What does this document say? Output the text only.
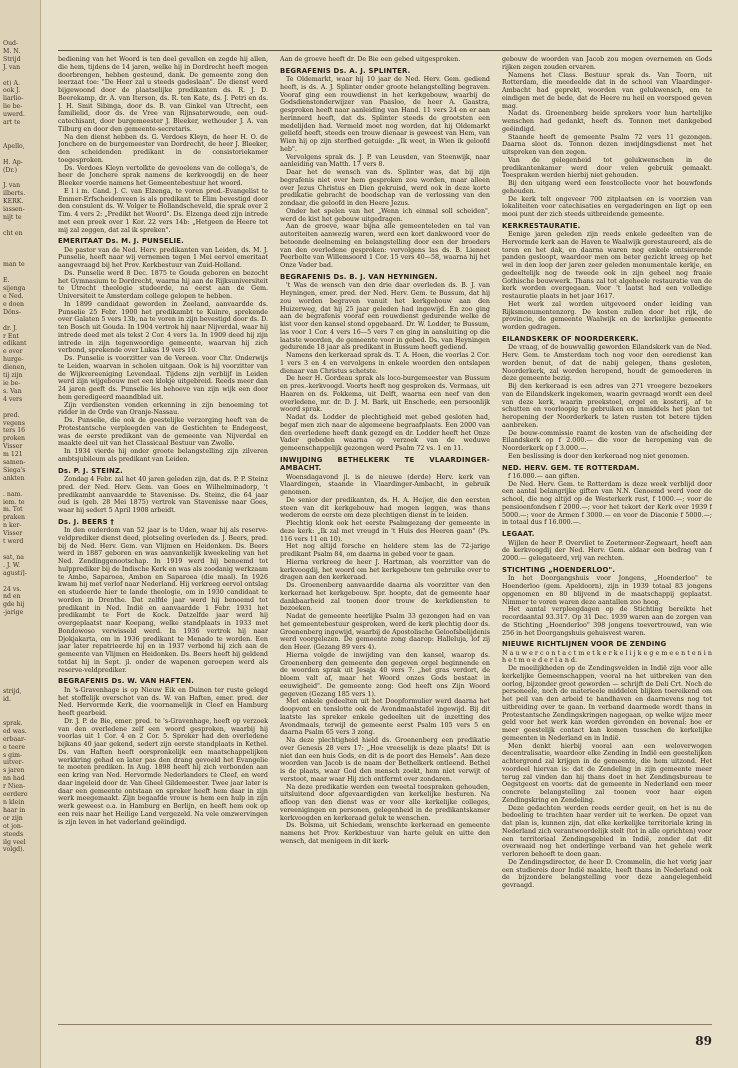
Oud-
M. N.
Strijd
J. van

et) A.
ook J.
liarlio-
lie be-
uwerd.
art te

Apello,

H. Ap-
(Dr.)

J. van
ilberts.
KERK.
iassen-
nijt te

cht en

man te

E.
sijenga
e Ned.
e doen
Döns-

dr. J.
r Ent
edikant
e over
hurge-
dienen,
tij zijn
ie be-
s. Van
4 vers

pred.
vegens
ters 16
proken
Visser
m 121
samen-
Siega's
ankten

. nam.
iem. te
m. Tot
praken
n ker-
Visser
t werd

sat, na
. J. W.
agusti]-

24 vs.
nd en
gde hij
-jarige

strijd,
id.

sprak.
ed was.
erbaar-
e teere
s gim-
uitver-
s jaren
nn had
r Nien-
eerdere
n klein
haar in
or zijn
ot jon-
steeds
ilg veel
volgd).

bediening van het Woord is ten deel gevallen en zegde hij allen, die hem, tijdens de 14 jaren, welke hij in Dordrecht heeft mogen doorbrengen, hebben gesteund, dank. De gemeente zong den leerzaat toe: "De Heer zal u steeds gadeslaan". De dienst werd bijgewoond door de plaatselijke predikanten ds. R. J. D. Beerekamp, dr. A. van Iterson, ds. R. ten Kate, ds. J. Petri en ds. J. H. Smit Sibinga, door ds. B. van Ginkel van Utrecht, een familielid, door ds. de Vree van Rijnsaterwoude, een oud-catechisant, door burgemeester J. Bleeker, wethouder J. A. van Tilburg en door den gemeente-secretaris.

Na den dienst hebben ds. G. Verdoes Kleyn, de heer H. O. de Jonchere en de burgemeester van Dordrecht, de heer J. Bleeker, den scheidenden predikant in de consistoriekamer toegesproken.

Ds. Verdoes Kleyn vertolkte de gevoelens van de collega's, de heer de Jonchere sprak namens de kerkvoogdij en de heer Bleeker voerde namens het Gemeentebestuur het woord.

E l i m. Cand. J. C. van Elzenga, te voren pred.-Evangelist te Emmer-Erfscheidenveen is als predikant te Elim bevestigd door den consulent ds. W. Volger te Hollandscheveld, die sprak over 2 Tim. 4 vers 2: „Predikt het Woord". Ds. Elzenga deed zijn intrede met een preek over 1 Kor. 22 vers 14b: „Hetgeen de Heere tot mij zal zeggen, dat zal ik spreken".

EMERITAAT Ds. M. J. PUNSELIE.

De pastor van de Ned. Herv. predikanten van Leiden, ds. M. J. Punselie, heeft naar wij vernemen tegen 1 Mei eervol emeritaat aangevraagd bij het Prov. Kerkbestuur van Zuid-Holland.

Ds. Punselie werd 8 Dec. 1875 te Gouda geboren en bezocht het Gymnasium te Dordrecht, waarna hij aan de Rijksuniversiteit te Utrecht theologie studeerde, na eerst aan de Gem. Universiteit te Amsterdam college gelopen te hebben.

In 1899 candidaat geworden in Zeeland, aanvaardde ds. Punselie 25 Febr. 1900 het predikambt te Kuinre, sprekende over Galaten 5 vers 13b, na te voren in zijn bevestigd door ds. D. ten Bosch uit Gouda. In 1904 vertrok hij naar Nijverdal, waar hij intrede deed met als tekst 2 Cor. 4 vers 1a. In 1909 deed hij zijn intrede in zijn tegenwoordige gemeente, waarvan hij zich verbond, sprekende over Lukas 19 vers 10.

Ds. Punselie is voorzitter van de Vereen. voor Chr. Onderwijs te Leiden, waarvan in scholen uitgaan. Ook is hij voorzitter van de Wijkvereeniging Levendaal. Tijdens zijn verblijf in Leiden werd zijn wijgebouw met een klokje uitgebreid. Reeds meer dan 24 jaren geeft ds. Punselie les behoeve van zijn wijk een door hem geredigeerd maandblad uit.

Zijn verdiensten vonden erkenning in zijn benoeming tot ridder in de Orde van Oranje-Nassau.

Ds. Punselie, die ook de geestelijke verzorging heeft van de Protestantsche verpleegden van de Gestichten te Endegeest, was de eerste predikant van de gemeente van Nijverdal en maakte deel uit van het Classicaal Bestuur van Zwolle.

In 1934 vierde hij onder groote belangstelling zijn zilveren ambtsjubileum als predikant van Leiden.

Ds. P. J. STEINZ.

Zondag 4 Febr. zal het 40 jaren geleden zijn, dat ds. P. P. Steinz pred. der Ned. Herv. Gem. van Goes en Wilhelminadorp, 't predikambt aanvaardde te Stavenisse. Ds. Steinz, die 64 jaar oud is (geb. 28 Mei 1875) vertrok van Stavenisse naar Goes, waar hij sedert 5 April 1908 arbeidt.

Ds. J. BEERS †

In den ouderdom van 52 jaar is te Uden, waar hij als reserve-veldprediker dienst deed, plotseling overleden ds. J. Beers, pred. bij de Ned. Herv. Gem. van Vlijmen en Heidonken. Ds. Beers werd in 1887 geboren en was aanvankelijk kweekeling van het Ned. Zendinggenootschap. In 1919 werd hij benoemd tot hulpprediker bij de Indische Kerk en was als zoodanig werkzaam te Ambo, Saparoea, Ambon en Saparoea (die maal). In 1926 kwam hij met verlof naar Nederland. Hij verkreeg eervol ontslag en studeerde hier te lande theologie, om in 1930 candidaat te worden in Drenthe. Dat zelfde jaar werd hij benoemd tot predikant in Ned. Indië en aanvaardde 1 Febr. 1931 het predikambt te Fort de Kock. Datzelfde jaar werd hij overgeplaatst naar Koepang, welke standplaats in 1933 met Bondowoso verwisseld werd. In 1936 vertrok hij naar Djokjakarta, om in 1936 predikant te Menado te worden. Een jaar later repatrieerde hij en in 1937 verbond hij zich aan de gemeente van Vlijmen en Heidonken. Ds. Beers heeft hij geldend totdat hij in Sept. jl. onder de wapenen geroepen werd als reserve-veldprediker.

BEGRAFENIS Ds. W. VAN HAFTEN.

In 's-Gravenhage is op Nieuw Eik en Duinen ter ruste gelegd het stoffelijk overschot van ds. W. van Haften, emer. pred. der Ned. Hervormde Kerk, die voornamelijk in Cleef en Hamburg heeft gearbeid.

Dr. J. P. de Bie, emer. pred. te 's-Gravenhage, heeft op verzoek van den overledene zelf een woord gesproken, waarbij hij voorlas uit 1 Cor. 4 en 2 Cor. 5. Spreker had den overledene bijkans 40 jaar gekend, sedert zijn eerste standplaats in Kethel. Ds. van Haften heeft oorspronkelijk een maatschappelijken werkkring gehad en later pas den drang gevoeld het Evangelie te moeten prediken. In Aug. 1898 heeft hij zich verbonden aan een kring van Ned. Hervormde Nederlanders te Cleef, en werd daar ingeleid door dr. Van Gheel Gildemeester. Twee jaar later is daar een gemeente ontstaan en spreker heeft hem daar in zijn werk meegemaakt. Zijn begaafde vrouw is hem een hulp in zijn werk geweest o.a. in Hamburg en Berlijn, en heeft hem ook op een reis naar het Heilige Land vergezeld. Na vele omzwervingen is zijn leven in het vaderland geëindigd.

Aan de groeve heeft dr. De Bie een gebed uitgesproken.

BEGRAFENIS Ds. A. J. SPLINTER.

Te Oldemarkt, waar hij 10 jaar de Ned. Herv. Gem. gediend heeft, is ds. A. J. Splinter onder groote belangstelling begraven. Vooraf ging een rouwdienst in het kerkgebouw, waarbij de Godsdienstonderwijzer van Paasloo, de heer A. Gaastra, gesproken heeft naar aanleiding van Hand. 11 vers 24 en er aan herinnerd heeft, dat ds. Splinter steeds de grootsten een medelijden had. Vermeld moet nog worden, dat hij Oldemarkt geliefd heeft, steeds een trouw dienaar is geweest van Hem, van Wien hij op zijn sterfbed getuigde: „Ik weet, in Wien ik geloofd heb".

Vervolgens sprak ds. J. P. van Leusden, van Steenwijk, naar aanleiding van Matth. 17 vers 8.

Daar het de wensch van ds. Splinter was, dat bij zijn begrafenis niet over hem gesproken zou worden, maar alleen over Jezus Christus en Dien gekruisd, werd ook in deze korte predikatie gebracht de boodschap van de verlossing van den zondaar, die geloofd in den Heere Jezus.

Onder het spelen van het „Wenn ich einmal soll scheiden", werd de kist het gebouw uitgedragen.

Aan de groeve, waar bijna alle gemeenteleden en tal van autoriteiten aanwezig waren, werd een kort dankwoord voor de betoonde deelneming en belangstelling door een der broeders van den overledene gesproken: vervolgens las ds. B. Lieneet Peerbolte van Willemsoord 1 Cor. 15 vers 40—58, waarna hij het Onze Vader bad.

BEGRAFENIS Ds. B. J. VAN HEYNINGEN.

't Was de wensch van den drie daar overleden ds. B. J. van Heyningen, emer. pred. der Ned. Herv. Gem. te Bussum, dat hij zou worden begraven vanuit het kerkgebouw aan den Huizerweg, dat hij 25 jaar geleden had ingewijd. En zoo ging aan de begrafenis vooraf een rouwdienst gedurende welke de kist voor den kansel stond opgebaard. Dr. W. Lodder, te Bussum, las voor 1 Cor. 4 vers 16—5 vers 7 en ging in aansluiting op die laatste woorden, de gemeente voor in gebed. Ds. van Heyningen gedurende 18 jaar als predikant in Bussum heeft gediend.

Namens den kerkeraad sprak ds. T. A. Hoen, die voorlas 2 Cor. 1 vers 3 en 4 en vervolgens in enkele woorden den ontslapen dienaar van Christus schetste.

De heer H. Gordeau sprak als loco-burgemeester van Bussum en pres.-kerkvoogd. Voorts heeft nog gesproken ds. Vermaas, uit Haaren en ds. Fokkema, uit Delft, waarna een neef van den overledene, mr. dr. D. J. M. Bark, uit Enschede, een persoonlijk woord sprak.

Nadat ds. Lodder de plechtigheid met gebed gesloten had, begaf men zich naar de algemeene begraafplaats. Een 2000 van den overledene heeft dank gezegd en dr. Lodder heeft het Onze Vader gebeden waarna op verzoek van de weduwe gemeenschappelijk gezongen werd Psalm 72 vs. 1 en 11.

INWIJDING BETHELKERK TE VLAARDINGER-AMBACHT.

Woensdagavond jl. is de nieuwe (derde) Herv. kerk van Vlaardingen, staande in Vlaardinger-Ambacht, in gebruik genomen.

De senior der predikanten, ds. H. A. Heijer, die den eersten steen van dit kerkgebouw had mogen leggen, was thans wederom de eerste om deze plechtigen dienst in te leiden.

Plechtig klonk ook het eerste Psalmgezang der gemeente in deze kerk: „Ik zal met vreugd in 't Huis des Heeren gaan" (Ps. 116 vers 11 en 10).

Het nog altijd forsche en heldere stem las de 72-jarige predikant Psalm 84, om daarna in gebed voor te gaan.

Hierna verkreeg de heer J. Hartman, als voorzitter van de kerkvoogdij, het woord om het kerkgebouw ten gebruike over te dragen aan den kerkeraad.

Ds. Groenenberg aanvaardde daarna als voorzitter van den kerkeraad het kerkgebouw. Spr. hoopte, dat de gemeente haar dankbaarheid zal toonen door trouw de kerkdiensten te bezoeken.

Nadat de gemeente heerlijke Psalm 33 gezongen had en van het gemeentebestuur gesproken, werd de kerk plechtig door ds. Groenenberg ingewijd, waarbij de Apostolische Geloofsbelijdenis werd voorgelezen. De gemeente zong daarop: Halleluja, lof zij den Heer. (Gezang 89 vers 4).

Hierna volgde de inwijding van den kansel, waarop ds. Groenenberg den gemeente den gegeven orgel beginnende en de woorden sprak uit Jesaja 40 vers 7: „het gras verdort, de bloem valt af, maar het Woord onzes Gods bestaat in eeuwigheid". De gemeente zong: God heeft ons Zijn Woord gegeven (Gezang 185 vers 1).

Met enkele gedeelten uit het Doopformulier werd daarna het doopvont en tenslotte ook de Avondmaalstafel ingewijd. Bij dit laatste las spreker enkele gedeelten uit de inzetting des Avondmaals, terwijl de gemeente eerst Psalm 105 vers 5 en daarna Psalm 65 vers 3 zong.

Na deze plechtigheid hield ds. Groenenberg een predikatie over Genesis 28 vers 17: „Hoe vreeselijk is deze plaats! Dit is niet dan een huis Gods, en dit is de poort des Hemels". Aan deze woorden van Jacob is de naam der Bethelkerk ontleend. Bethel is de plaats, waar God den mensch zoekt, hem niet verwijt of verstoot, maar waar Hij zich ontfermt over zondaren.

Na deze predikatie werden een tweetal toespraken gehouden, uitsluitend door afgevaardigden van kerkelijke besturen. Na afloop van den dienst was er voor alle kerkelijke colleges, vereenigingen en personen, gelegenheid in de predikantskamer kerkvoogden en kerkeraad geluk te wenschen.

Ds. Bolsma, uit Schiedam, wenschte kerkeraad en gemeente namens het Prov. Kerkbestuur van harte geluk en uitte den wensch, dat menigeen in dit kerk-

gebouw de woorden van Jacob zou mogen overnemen en Gods rijken zegen zouden ervaren.

Namens het Class. Bestuur sprak ds. Van Toorn, uit Rotterdam, die meedeelde dat in de school van Vlaardinger-Ambacht had geprekt, woorden van gelukwensch, om te eindigen met de bede, dat de Heere nu heil en voorspoed geven mag.

Nadat ds. Groenenberg beide sprekers voor hun hartelijke wenschen had gedankt, heeft ds. Tonnon met dankgebed geëindigd.

Staande heeft de gemeente Psalm 72 vers 11 gezongen. Daarna sloot ds. Tonnon dezen inwijdingsdienst met het uitspreken van den zegen.

Van de gelegenheid tot gelukwenschen in de predikantenkamer werd door velen gebruik gemaakt. Toespraken werden hierbij niet gehouden.

Bij den uitgang werd een feestcollecte voor het bouwfonds gehouden.

De kerk telt ongeveer 700 zitplaatsen en is voorzien van lokaliteiten voor catechisaties en vergaderingen en ligt op een mooi punt der zich steeds uitbreidende gemeente.

KERKRESTAURATIE.

Eenige jaren geleden zijn reeds enkele gedeelten van de Hervormde kerk aan de Haven te Waalwijk gerestaureerd, als de toren en het dak, en daarna waren nog enkele ontsierende panden gesloopt, waardoor men om beter gezicht kreeg op het wel in den loop der jaren zeer geleden monumentale kerkje, en gedeeltelijk nog de tweede ook in zijn geheel nog fraaie Gothische bouwwerk. Thans zal tot algeheele restauratie van de kerk worden overgegaan. Voor 't laatst had een volledige restauratie plaats in het jaar 1617.

Het werk zal worden uitgevoerd onder leiding van Rijksmonumentenzorg. De kosten zullen door het rijk, de provincie, de gemeente Waalwijk en de kerkelijke gemeente worden gedragen.

EILANDSKERK OF NOORDERKERK.

De vraag, of de bouwvallig geworden Eilandskerk van de Ned. Herv. Gem. te Amsterdam toch nog voor den eeredienst kan worden benut, of dat de nabij gelegen, thans gesloten, Noorderkerk, zal worden heropend, houdt de gemoederen in deze gemeente bezig.

Bij den kerkeraad is een adres van 271 vroegere bezoekers van de Eilandskerk ingekomen, waarin gevraagd wordt een deel van deze kerk, waarin preekstoel, orgel en kosterij, af te schutten en voorloopig te gebruiken en inmiddels het plan tot heropening der Noorderkerk te laten rusten tot betere tijden aanbreken.

De bouw-commissie raamt de kosten van de afscheiding der Eilandskerk op f 2.000.— die voor de heropening van de Noorderkerk op f 3.000.—.

Een beslissing is door den kerkeraad nog niet genomen.

NED. HERV. GEM. TE ROTTERDAM.

f 16.000.— aan giften.

De Ned. Herv. Gem. te Rotterdam is deze week verblijd door een aantal belangrijke giften van N.N. Genoemd werd voor de school, die nog altijd op de Westerkerk rust, f 1000.—; voor de pensioenfondsen f 2000.—; voor het tekort der Kerk over 1939 f 5000.—; voor de Armen f 3000.— en voor de Diaconie f 5000.—; in totaal dus f 16.000.—.

LEGAAT.

Wijlen de heer P. Overvliet te Zoetermeer-Zegwaart, heeft aan de kerkvoogdij der Ned. Herv. Gem. aldaar een bedrag van f 2000.— gelegateerd, vrij van rechten.

STICHTING „HOENDERLOO".

In het Doorgangshuis voor Jongens, „Hoenderloo" te Hoenderloo (gem. Apeldoorn), zijn in 1939 totaal 83 jongens opgenomen en 80 blijvend in de maatschappij geplaatst. Nimmer te voren waren deze aantallen zoo hoog.

Het aantal verpleegdagen op de Stichting bereikte het recordaantal 93.317. Op 31 Dec. 1939 waren aan de zorgen van de Stichting „Hoenderloo" 398 jongens toevertrouwd, van wie 256 in het Doorgangshuis gehuisvest waren.

NIEUWE RICHTLIJNEN VOOR DE ZENDING

N a u w e r c o n t a c t m e t k e r k e l i j k e g e m e e n t e n i n h e t m o e d e r l a n d.

De moeilijkheden op de Zendingsvelden in Indië zijn voor alle kerkelijke Gemeenschappen, vooral na het uitbreken van den oorlog, bijzonder groot geworden — schrijft de Deli Crt. Noch de personeele, noch de materieele middelen blijken toereikend om het peil van den arbeid te handhaven en daarnevens nog tot uitbreiding over te gaan. In verband daarmede wordt thans in Protestantsche Zendingskringen nagegaan, op welke wijze meer geld voor het werk kan worden gevonden en bovenal: hoe er meer geestelijk contact kan komen tusschen de kerkelijke gemeenten in Nederland en in Indië.

Men denkt hierbij vooral aan een weloverwogen decentralisatie, waardoor elke Zending in Indië een geestelijken achtergrond zal krijgen in de gemeente, die hem uitzond. Het voordeel hiervan is: dat de Zendeling in zijn gemeente meer terug zal vinden dan hij thans doet in het Zendingsbureau te Oegstgeest en voorts: dat de gemeente in Nederland een meer concrete belangstelling zal toonen voor haar eigen Zendingskring en Zendeling.

Deze gedachten werden reeds eerder geuit, en het is nu de bedoeling te trachten haar verder uit te werken. De opzet van dat plan is, kunnen zijn, dat elke kerkelijke territoriale kring in Nederland zich verantwoordelijk stelt (tot in alle oprichten) voor een territoriaal Zendingsgebied in Indië, zonder dat dit overwaaid nog het onderlinge verband van het gehele werk verloren behoeft te doen gaan.

De Zendingsdirector, de heer D. Crommelin, die het vorig jaar een studiereis door Indië maakte, heeft thans in Nederland ook de bijzondere belangstelling voor deze aangelegenheid gevraagd.

89
